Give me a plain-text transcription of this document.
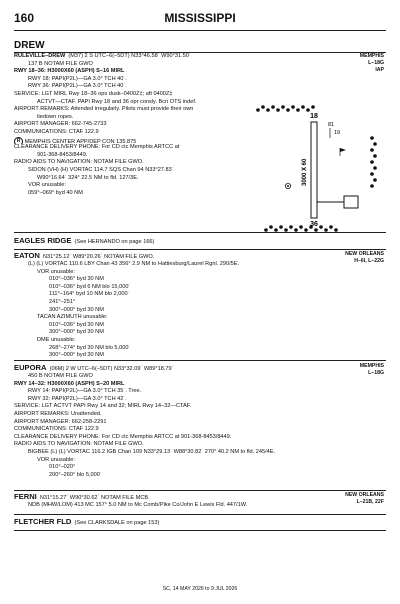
160	MISSISSIPPI
DREW
MEMPHIS
L–18G
IAP
RULEVILLE–DREW (M37) 2 S UTC–6(–5DT) N33°46.58´ W90°31.50´
137 B NOTAM FILE GWO
RWY 18–36: H3000X60 (ASPH) S–16 MIRL
RWY 18: PAPI(P2L)—GA 3.0° TCH 40´.
RWY 36: PAPI(P2L)—GA 3.0° TCH 40´.
SERVICE: LGT MIRL Rwy 18–36 ops dusk–0400Z‡; aft 0400Z‡
ACTVT—CTAF. PAPI Rwy 18 and 36 opr consly. Bcn OTS indef.
AIRPORT REMARKS: Attended irregularly. Pilots must provide their own
tiedown ropes.
AIRPORT MANAGER: 662-745-2733
COMMUNICATIONS: CTAF 122.9
R MEMPHIS CENTER APP/DEP CON 135.875
CLEARANCE DELIVERY PHONE: For CD ctc Memphis ARTCC at
901-368-8453/8449.
RADIO AIDS TO NAVIGATION: NOTAM FILE GWO.
SIDON (VH) (H) VORTAC 114.7 SQS Chan 94 N33°27.83´
W90°16.64´ 324° 22.5 NM to fld. 127/3E.
VOR unusable:
059°–069° byd 40 NM
18
36
3000 X 60
81
19
EAGLES RIDGE (See HERNANDO on page 166)
NEW ORLEANS
H–6I, L–22G
EATON N31°25.12´ W89°20.26´ NOTAM FILE GWO.
(L) (L) VORTAC 110.6 LBY Chan 43 356° 2.9 NM to Hattiesburg/Laurel Rgnl. 290/5E.
VOR unusable:
010°–036° byd 30 NM
010°–036° byd 6 NM blo 15,000´
111°–164° byd 10 NM blo 2,000´
241°–251°
300°–000° byd 30 NM
TACAN AZIMUTH unusable:
010°–036° byd 30 NM
300°–000° byd 30 NM
DME unusable:
268°–274° byd 30 NM blo 5,000´
300°–000° byd 30 NM
MEMPHIS
L–18G
EUPORA (06M) 2 W UTC–6(–5DT) N33°32.09´ W89°18.79´
450 B NOTAM FILE GWO
RWY 14–32: H3000X60 (ASPH) S–20 MIRL
RWY 14: PAPI(P2L)—GA 3.0° TCH 35´. Tree.
RWY 32: PAPI(P2L)—GA 3.0° TCH 42´.
SERVICE: LGT ACTVT PAPI Rwy 14 and 32; MIRL Rwy 14–32—CTAF.
AIRPORT REMARKS: Unattended.
AIRPORT MANAGER: 662-258-2291
COMMUNICATIONS: CTAF 122.9
CLEARANCE DELIVERY PHONE: For CD ctc Memphis ARTCC at 901-368-8453/8449.
RADIO AIDS TO NAVIGATION: NOTAM FILE GWO.
BIGBEE (L) (L) VORTAC 116.2 IGB Chan 109 N33°29.13´ W88°30.82´ 270° 40.2 NM to fld. 245/4E.
VOR unusable:
010°–020°
200°–260° blo 5,000´
NEW ORLEANS
L–21B, 22F
FERNI N31°15.27´ W90°30.62´ NOTAM FILE MCB.
NDB (MHW/LOM) 413 MC 157° 5.0 NM to Mc Comb/Pike Co/John E Lewis Fld. 447/1W.
FLETCHER FLD (See CLARKSDALE on page 153)
SC, 14 MAY 2026 to 9 JUL 2026
